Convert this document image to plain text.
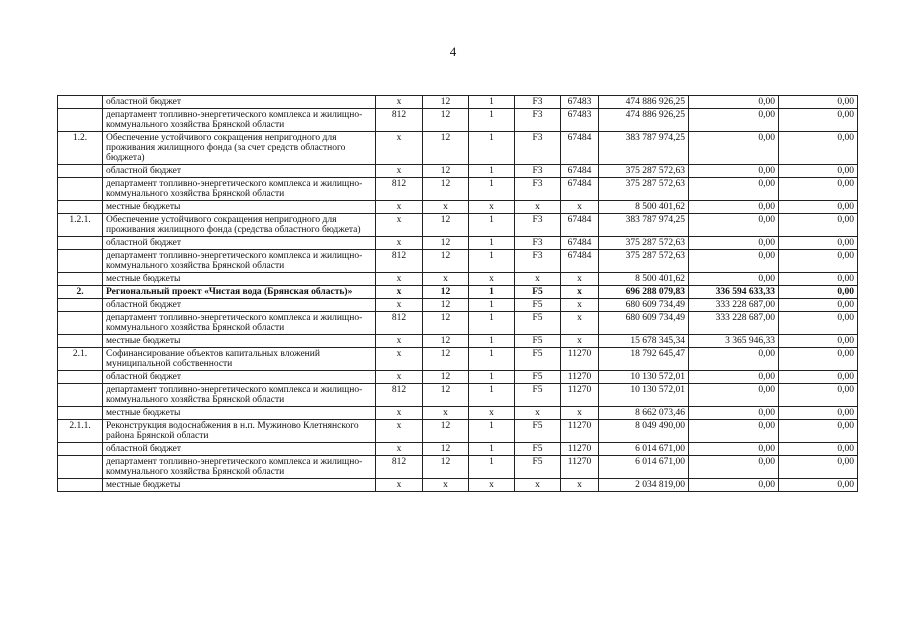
4
	областной бюджет	х	12	1	F3	67483	474 886 926,25	0,00	0,00
	департамент топливно-энергетического комплекса и жилищно-коммунального хозяйства Брянской области	812	12	1	F3	67483	474 886 926,25	0,00	0,00
1.2.	Обеспечение устойчивого сокращения непригодного для проживания жилищного фонда (за счет средств областного бюджета)	х	12	1	F3	67484	383 787 974,25	0,00	0,00
	областной бюджет	х	12	1	F3	67484	375 287 572,63	0,00	0,00
	департамент топливно-энергетического комплекса и жилищно-коммунального хозяйства Брянской области	812	12	1	F3	67484	375 287 572,63	0,00	0,00
	местные бюджеты	х	х	х	х	х	8 500 401,62	0,00	0,00
1.2.1.	Обеспечение устойчивого сокращения непригодного для проживания жилищного фонда (средства областного бюджета)	х	12	1	F3	67484	383 787 974,25	0,00	0,00
	областной бюджет	х	12	1	F3	67484	375 287 572,63	0,00	0,00
	департамент топливно-энергетического комплекса и жилищно-коммунального хозяйства Брянской области	812	12	1	F3	67484	375 287 572,63	0,00	0,00
	местные бюджеты	х	х	х	х	х	8 500 401,62	0,00	0,00
2.	Региональный проект «Чистая вода (Брянская область)»	х	12	1	F5	х	696 288 079,83	336 594 633,33	0,00
	областной бюджет	х	12	1	F5	х	680 609 734,49	333 228 687,00	0,00
	департамент топливно-энергетического комплекса и жилищно-коммунального хозяйства Брянской области	812	12	1	F5	х	680 609 734,49	333 228 687,00	0,00
	местные бюджеты	х	12	1	F5	х	15 678 345,34	3 365 946,33	0,00
2.1.	Софинансирование объектов капитальных вложений муниципальной собственности	х	12	1	F5	11270	18 792 645,47	0,00	0,00
	областной бюджет	х	12	1	F5	11270	10 130 572,01	0,00	0,00
	департамент топливно-энергетического комплекса и жилищно-коммунального хозяйства Брянской области	812	12	1	F5	11270	10 130 572,01	0,00	0,00
	местные бюджеты	х	х	х	х	х	8 662 073,46	0,00	0,00
2.1.1.	Реконструкция водоснабжения в н.п. Мужиново Клетнянского района Брянской области	х	12	1	F5	11270	8 049 490,00	0,00	0,00
	областной бюджет	х	12	1	F5	11270	6 014 671,00	0,00	0,00
	департамент топливно-энергетического комплекса и жилищно-коммунального хозяйства Брянской области	812	12	1	F5	11270	6 014 671,00	0,00	0,00
	местные бюджеты	х	х	х	х	х	2 034 819,00	0,00	0,00
